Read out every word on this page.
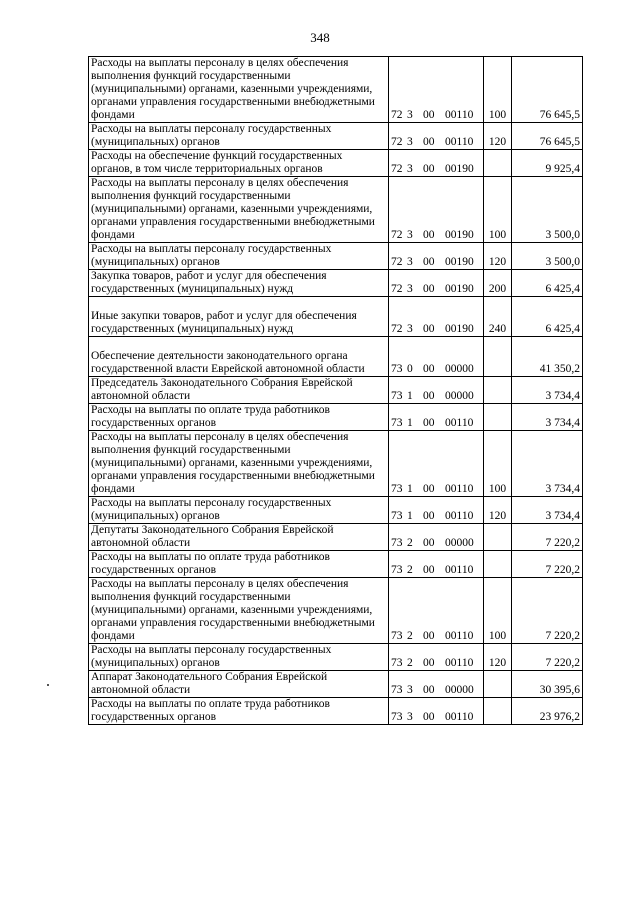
348
Расходы на выплаты персоналу в целях обеспечения выполнения функций государственными (муниципальными) органами, казенными учреждениями, органами управления государственными внебюджетными фондами	72 3 00 00110	100	76 645,5
Расходы на выплаты персоналу государственных (муниципальных) органов	72 3 00 00110	120	76 645,5
Расходы на обеспечение функций государственных органов, в том числе территориальных органов	72 3 00 00190		9 925,4
Расходы на выплаты персоналу в целях обеспечения выполнения функций государственными (муниципальными) органами, казенными учреждениями, органами управления государственными внебюджетными фондами	72 3 00 00190	100	3 500,0
Расходы на выплаты персоналу государственных (муниципальных) органов	72 3 00 00190	120	3 500,0
Закупка товаров, работ и услуг для обеспечения государственных (муниципальных) нужд	72 3 00 00190	200	6 425,4
Иные закупки товаров, работ и услуг для обеспечения государственных (муниципальных) нужд	72 3 00 00190	240	6 425,4
Обеспечение деятельности законодательного органа государственной власти Еврейской автономной области	73 0 00 00000		41 350,2
Председатель Законодательного Собрания Еврейской автономной области	73 1 00 00000		3 734,4
Расходы на выплаты по оплате труда работников государственных органов	73 1 00 00110		3 734,4
Расходы на выплаты персоналу в целях обеспечения выполнения функций государственными (муниципальными) органами, казенными учреждениями, органами управления государственными внебюджетными фондами	73 1 00 00110	100	3 734,4
Расходы на выплаты персоналу государственных (муниципальных) органов	73 1 00 00110	120	3 734,4
Депутаты Законодательного Собрания Еврейской автономной области	73 2 00 00000		7 220,2
Расходы на выплаты по оплате труда работников государственных органов	73 2 00 00110		7 220,2
Расходы на выплаты персоналу в целях обеспечения выполнения функций государственными (муниципальными) органами, казенными учреждениями, органами управления государственными внебюджетными фондами	73 2 00 00110	100	7 220,2
Расходы на выплаты персоналу государственных (муниципальных) органов	73 2 00 00110	120	7 220,2
Аппарат Законодательного Собрания Еврейской автономной области	73 3 00 00000		30 395,6
Расходы на выплаты по оплате труда работников государственных органов	73 3 00 00110		23 976,2
